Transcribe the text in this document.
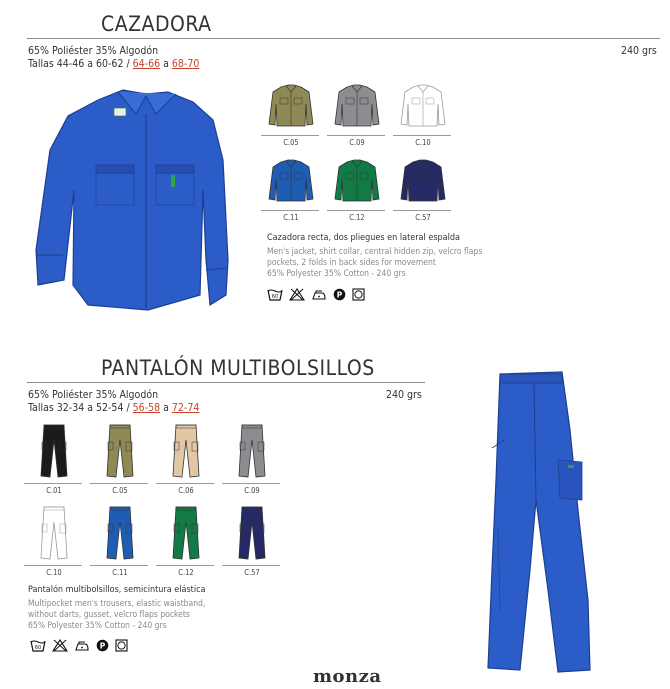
CAZADORA
65% Poliéster 35% Algodón
Tallas 44-46 a 60-62 / 64-66 a 68-70
240 grs
C.05	C.09	C.10
C.11	C.12	C.57
Cazadora recta, dos pliegues en lateral espalda
Men's jacket, shirt collar, central hidden zip, velcro flaps
pockets, 2 folds in back sides for movement
65% Polyester 35% Cotton - 240 grs
60	P
PANTALÓN MULTIBOLSILLOS
65% Poliéster 35% Algodón
Tallas 32-34 a 52-54 / 56-58 a 72-74
240 grs
C.01	C.05	C.06	C.09
C.10	C.11	C.12	C.57
Pantalón multibolsillos, semicintura elástica
Multipocket men's trousers, elastic waistband,
without darts, gusset, velcro flaps pockets
65% Polyester 35% Cotton - 240 grs
60	P
monza
